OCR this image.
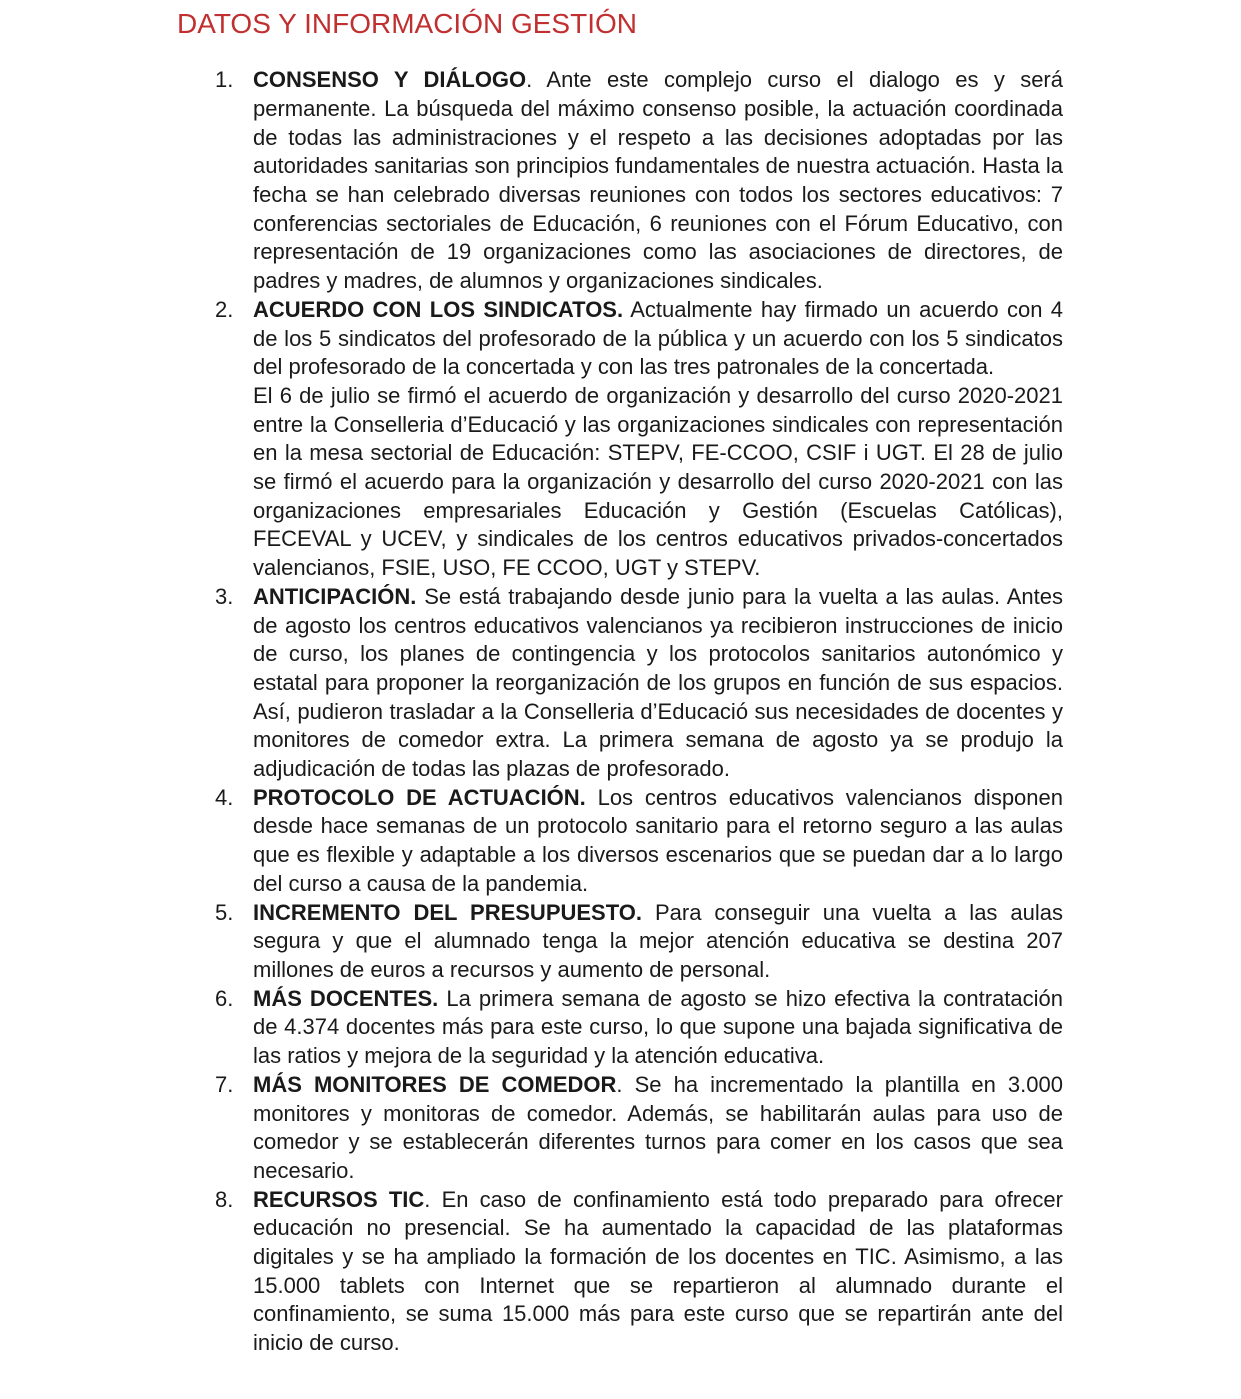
DATOS Y INFORMACIÓN GESTIÓN
1. CONSENSO Y DIÁLOGO. Ante este complejo curso el dialogo es y será permanente. La búsqueda del máximo consenso posible, la actuación coordinada de todas las administraciones y el respeto a las decisiones adoptadas por las autoridades sanitarias son principios fundamentales de nuestra actuación. Hasta la fecha se han celebrado diversas reuniones con todos los sectores educativos: 7 conferencias sectoriales de Educación, 6 reuniones con el Fórum Educativo, con representación de 19 organizaciones como las asociaciones de directores, de padres y madres, de alumnos y organizaciones sindicales.
2. ACUERDO CON LOS SINDICATOS. Actualmente hay firmado un acuerdo con 4 de los 5 sindicatos del profesorado de la pública y un acuerdo con los 5 sindicatos del profesorado de la concertada y con las tres patronales de la concertada.

El 6 de julio se firmó el acuerdo de organización y desarrollo del curso 2020-2021 entre la Conselleria d’Educació y las organizaciones sindicales con representación en la mesa sectorial de Educación: STEPV, FE-CCOO, CSIF i UGT. El 28 de julio se firmó el acuerdo para la organización y desarrollo del curso 2020-2021 con las organizaciones empresariales Educación y Gestión (Escuelas Católicas), FECEVAL y UCEV, y sindicales de los centros educativos privados-concertados valencianos, FSIE, USO, FE CCOO, UGT y STEPV.

3. ANTICIPACIÓN. Se está trabajando desde junio para la vuelta a las aulas. Antes de agosto los centros educativos valencianos ya recibieron instrucciones de inicio de curso, los planes de contingencia y los protocolos sanitarios autonómico y estatal para proponer la reorganización de los grupos en función de sus espacios. Así, pudieron trasladar a la Conselleria d’Educació sus necesidades de docentes y monitores de comedor extra. La primera semana de agosto ya se produjo la adjudicación de todas las plazas de profesorado.
4. PROTOCOLO DE ACTUACIÓN. Los centros educativos valencianos disponen desde hace semanas de un protocolo sanitario para el retorno seguro a las aulas que es flexible y adaptable a los diversos escenarios que se puedan dar a lo largo del curso a causa de la pandemia.
5. INCREMENTO DEL PRESUPUESTO. Para conseguir una vuelta a las aulas segura y que el alumnado tenga la mejor atención educativa se destina 207 millones de euros a recursos y aumento de personal.
6. MÁS DOCENTES. La primera semana de agosto se hizo efectiva la contratación de 4.374 docentes más para este curso, lo que supone una bajada significativa de las ratios y mejora de la seguridad y la atención educativa.
7. MÁS MONITORES DE COMEDOR. Se ha incrementado la plantilla en 3.000 monitores y monitoras de comedor. Además, se habilitarán aulas para uso de comedor y se establecerán diferentes turnos para comer en los casos que sea necesario.
8. RECURSOS TIC. En caso de confinamiento está todo preparado para ofrecer educación no presencial. Se ha aumentado la capacidad de las plataformas digitales y se ha ampliado la formación de los docentes en TIC. Asimismo, a las 15.000 tablets con Internet que se repartieron al alumnado durante el confinamiento, se suma 15.000 más para este curso que se repartirán ante del inicio de curso.
